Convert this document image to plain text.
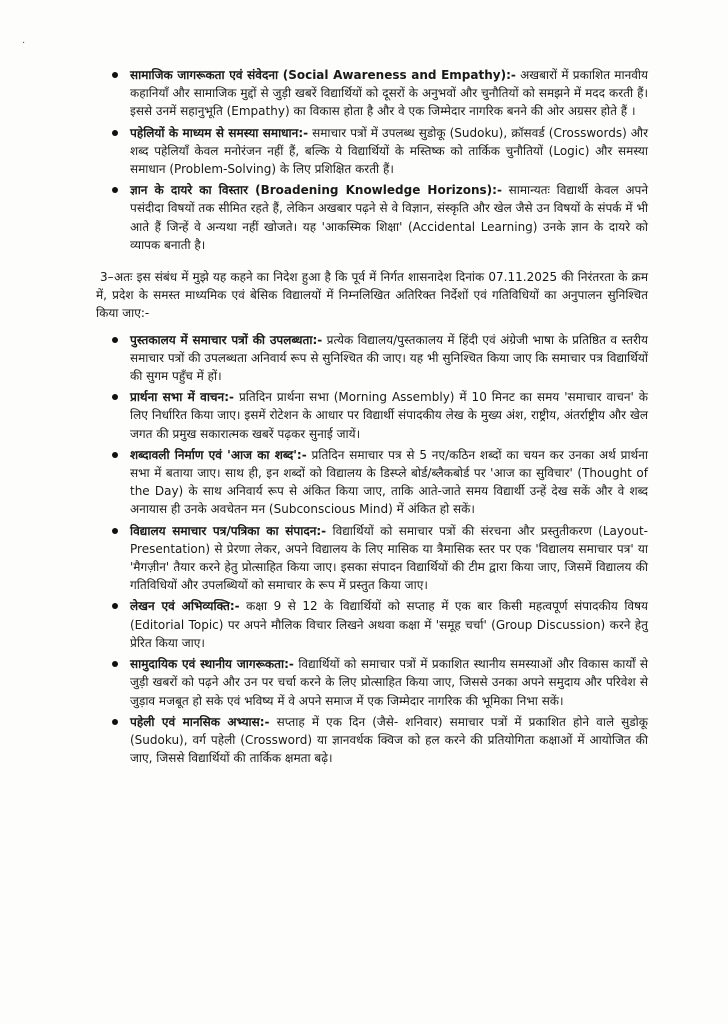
·
सामाजिक जागरूकता एवं संवेदना (Social Awareness and Empathy):- अखबारों में प्रकाशित मानवीय कहानियाँ और सामाजिक मुद्दों से जुड़ी खबरें विद्यार्थियों को दूसरों के अनुभवों और चुनौतियों को समझने में मदद करती हैं। इससे उनमें सहानुभूति (Empathy) का विकास होता है और वे एक जिम्मेदार नागरिक बनने की ओर अग्रसर होते हैं ।
पहेलियों के माध्यम से समस्या समाधान:- समाचार पत्रों में उपलब्ध सुडोकू (Sudoku), क्रॉसवर्ड (Crosswords) और शब्द पहेलियाँ केवल मनोरंजन नहीं हैं, बल्कि ये विद्यार्थियों के मस्तिष्क को तार्किक चुनौतियों (Logic) और समस्या समाधान (Problem-Solving) के लिए प्रशिक्षित करती हैं।
ज्ञान के दायरे का विस्तार (Broadening Knowledge Horizons):- सामान्यतः विद्यार्थी केवल अपने पसंदीदा विषयों तक सीमित रहते हैं, लेकिन अखबार पढ़ने से वे विज्ञान, संस्कृति और खेल जैसे उन विषयों के संपर्क में भी आते हैं जिन्हें वे अन्यथा नहीं खोजते। यह 'आकस्मिक शिक्षा' (Accidental Learning) उनके ज्ञान के दायरे को व्यापक बनाती है।
3– अतः इस संबंध में मुझे यह कहने का निदेश हुआ है कि पूर्व में निर्गत शासनादेश दिनांक 07.11.2025 की निरंतरता के क्रम में, प्रदेश के समस्त माध्यमिक एवं बेसिक विद्यालयों में निम्नलिखित अतिरिक्त निर्देशों एवं गतिविधियों का अनुपालन सुनिश्चित किया जाए:-
पुस्तकालय में समाचार पत्रों की उपलब्धता:- प्रत्येक विद्यालय/पुस्तकालय में हिंदी एवं अंग्रेजी भाषा के प्रतिष्ठित व स्तरीय समाचार पत्रों की उपलब्धता अनिवार्य रूप से सुनिश्चित की जाए। यह भी सुनिश्चित किया जाए कि समाचार पत्र विद्यार्थियों की सुगम पहुँच में हों।
प्रार्थना सभा में वाचन:- प्रतिदिन प्रार्थना सभा (Morning Assembly) में 10 मिनट का समय 'समाचार वाचन' के लिए निर्धारित किया जाए। इसमें रोटेशन के आधार पर विद्यार्थी संपादकीय लेख के मुख्य अंश, राष्ट्रीय, अंतर्राष्ट्रीय और खेल जगत की प्रमुख सकारात्मक खबरें पढ़कर सुनाई जायें।
शब्दावली निर्माण एवं 'आज का शब्द':- प्रतिदिन समाचार पत्र से 5 नए/कठिन शब्दों का चयन कर उनका अर्थ प्रार्थना सभा में बताया जाए। साथ ही, इन शब्दों को विद्यालय के डिस्प्ले बोर्ड/ब्लैकबोर्ड पर 'आज का सुविचार' (Thought of the Day) के साथ अनिवार्य रूप से अंकित किया जाए, ताकि आते-जाते समय विद्यार्थी उन्हें देख सकें और वे शब्द अनायास ही उनके अवचेतन मन (Subconscious Mind) में अंकित हो सकें।
विद्यालय समाचार पत्र/पत्रिका का संपादन:- विद्यार्थियों को समाचार पत्रों की संरचना और प्रस्तुतीकरण (Layout-Presentation) से प्रेरणा लेकर, अपने विद्यालय के लिए मासिक या त्रैमासिक स्तर पर एक 'विद्यालय समाचार पत्र' या 'मैगज़ीन' तैयार करने हेतु प्रोत्साहित किया जाए। इसका संपादन विद्यार्थियों की टीम द्वारा किया जाए, जिसमें विद्यालय की गतिविधियों और उपलब्धियों को समाचार के रूप में प्रस्तुत किया जाए।
लेखन एवं अभिव्यक्ति:- कक्षा 9 से 12 के विद्यार्थियों को सप्ताह में एक बार किसी महत्वपूर्ण संपादकीय विषय (Editorial Topic) पर अपने मौलिक विचार लिखने अथवा कक्षा में 'समूह चर्चा' (Group Discussion) करने हेतु प्रेरित किया जाए।
सामुदायिक एवं स्थानीय जागरूकता:- विद्यार्थियों को समाचार पत्रों में प्रकाशित स्थानीय समस्याओं और विकास कार्यों से जुड़ी खबरों को पढ़ने और उन पर चर्चा करने के लिए प्रोत्साहित किया जाए, जिससे उनका अपने समुदाय और परिवेश से जुड़ाव मजबूत हो सके एवं भविष्य में वे अपने समाज में एक जिम्मेदार नागरिक की भूमिका निभा सकें।
पहेली एवं मानसिक अभ्यास:- सप्ताह में एक दिन (जैसे- शनिवार) समाचार पत्रों में प्रकाशित होने वाले सुडोकू (Sudoku), वर्ग पहेली (Crossword) या ज्ञानवर्धक क्विज को हल करने की प्रतियोगिता कक्षाओं में आयोजित की जाए, जिससे विद्यार्थियों की तार्किक क्षमता बढ़े।
